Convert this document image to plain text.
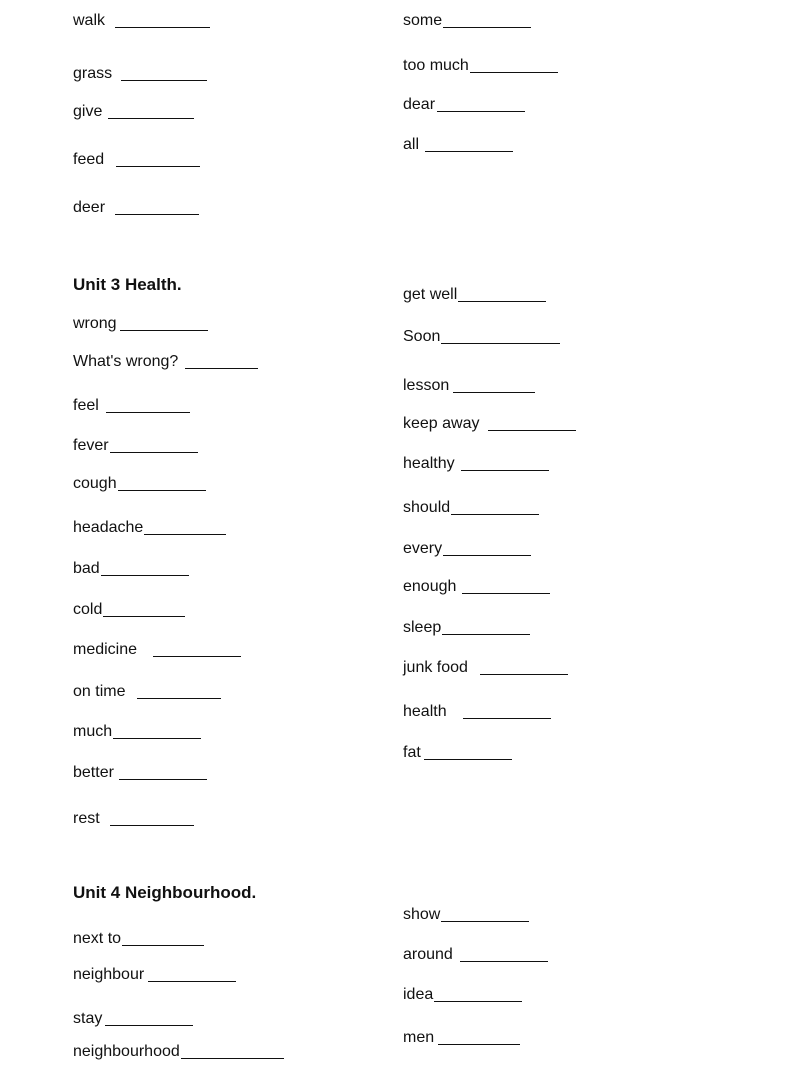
walk
grass
give
feed
deer
some
too much
dear
all
Unit 3 Health.
wrong
What's wrong?
feel
fever
cough
headache
bad
cold
medicine
on time
much
better
rest
get well
Soon
lesson
keep away
healthy
should
every
enough
sleep
junk food
health
fat
Unit 4 Neighbourhood.
next to
neighbour
stay
neighbourhood
show
around
idea
men
